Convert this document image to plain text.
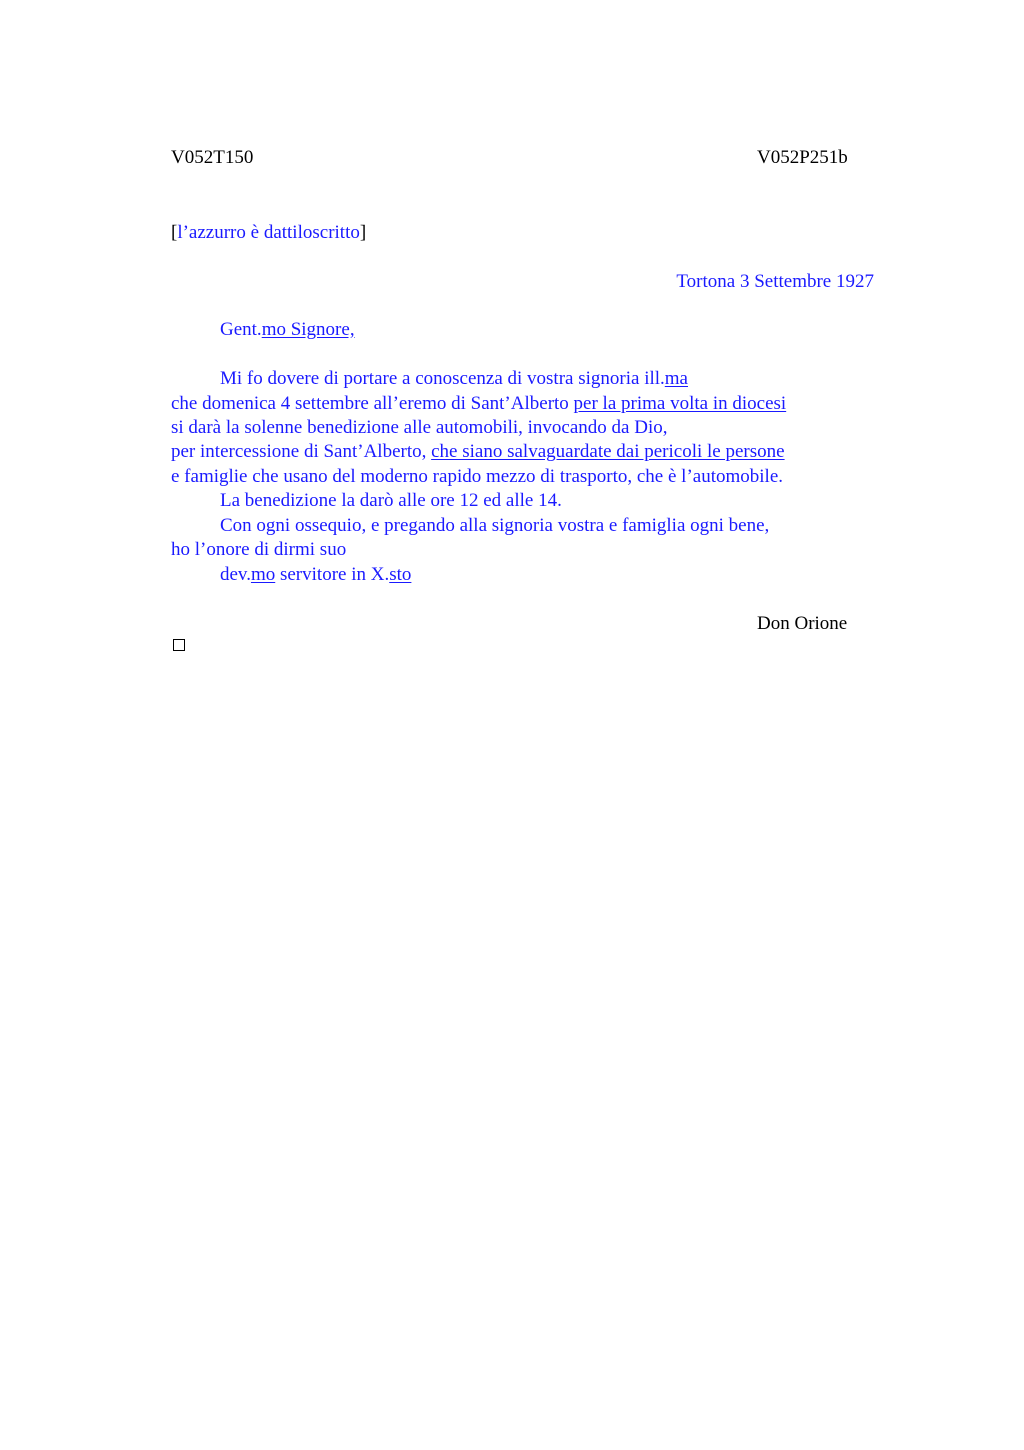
V052T150	V052P251b
[l’azzurro è dattiloscritto]
Tortona 3 Settembre 1927
Gent.mo Signore,
Mi fo dovere di portare a conoscenza di vostra signoria ill.ma
che domenica 4 settembre all’eremo di Sant’Alberto per la prima volta in diocesi
si darà la solenne benedizione alle automobili, invocando da Dio,
per intercessione di Sant’Alberto, che siano salvaguardate dai pericoli le persone
e famiglie che usano del moderno rapido mezzo di trasporto, che è l’automobile.
La benedizione la darò alle ore 12 ed alle 14.
Con ogni ossequio, e pregando alla signoria vostra e famiglia ogni bene,
ho l’onore di dirmi suo
dev.mo servitore in X.sto
Don Orione
